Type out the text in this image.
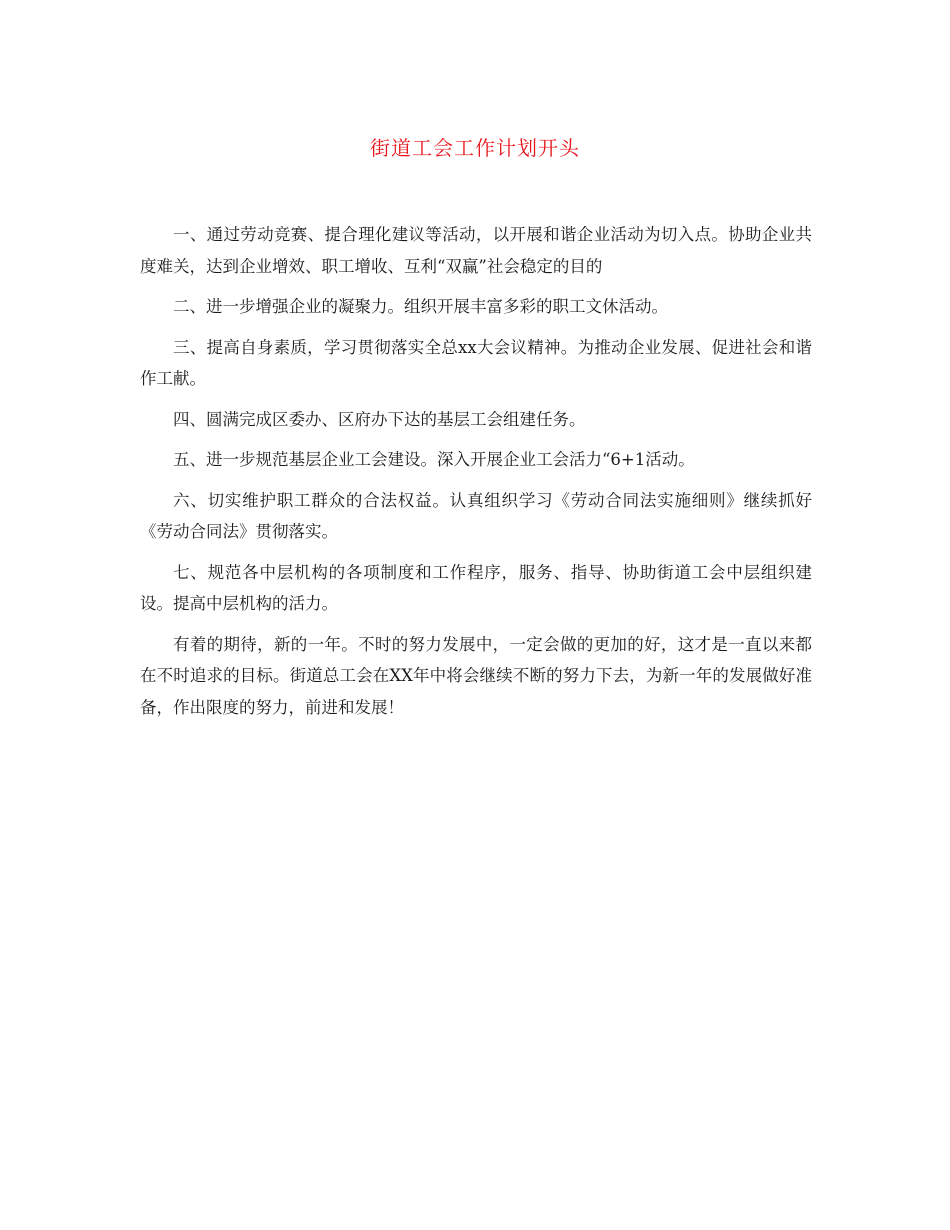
街道工会工作计划开头

一、通过劳动竞赛、提合理化建议等活动，以开展和谐企业活动为切入点。协助企业共度难关，达到企业增效、职工增收、互利“双赢”社会稳定的目的

二、进一步增强企业的凝聚力。组织开展丰富多彩的职工文休活动。

三、提高自身素质，学习贯彻落实全总xx大会议精神。为推动企业发展、促进社会和谐作工献。

四、圆满完成区委办、区府办下达的基层工会组建任务。

五、进一步规范基层企业工会建设。深入开展企业工会活力“6+1活动。

六、切实维护职工群众的合法权益。认真组织学习《劳动合同法实施细则》继续抓好《劳动合同法》贯彻落实。

七、规范各中层机构的各项制度和工作程序，服务、指导、协助街道工会中层组织建设。提高中层机构的活力。

有着的期待，新的一年。不时的努力发展中，一定会做的更加的好，这才是一直以来都在不时追求的目标。街道总工会在XX年中将会继续不断的努力下去，为新一年的发展做好准备，作出限度的努力，前进和发展！
